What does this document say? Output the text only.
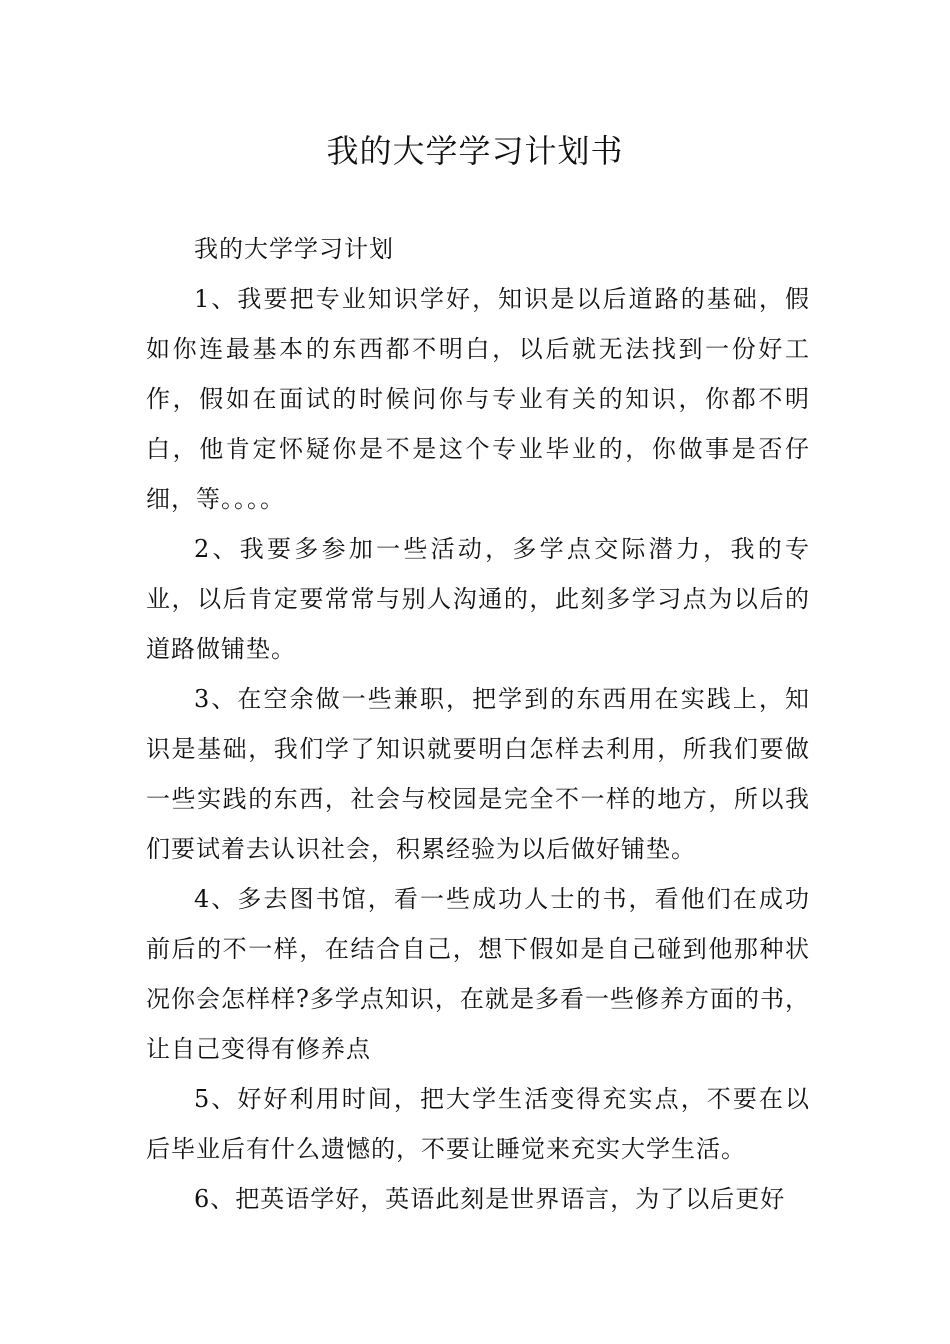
我的大学学习计划书

我的大学学习计划

1、我要把专业知识学好，知识是以后道路的基础，假如你连最基本的东西都不明白，以后就无法找到一份好工作，假如在面试的时候问你与专业有关的知识，你都不明白，他肯定怀疑你是不是这个专业毕业的，你做事是否仔细，等。。。。

2、我要多参加一些活动，多学点交际潜力，我的专业，以后肯定要常常与别人沟通的，此刻多学习点为以后的道路做铺垫。

3、在空余做一些兼职，把学到的东西用在实践上，知识是基础，我们学了知识就要明白怎样去利用，所我们要做一些实践的东西，社会与校园是完全不一样的地方，所以我们要试着去认识社会，积累经验为以后做好铺垫。

4、多去图书馆，看一些成功人士的书，看他们在成功前后的不一样，在结合自己，想下假如是自己碰到他那种状况你会怎样样?多学点知识，在就是多看一些修养方面的书，让自己变得有修养点

5、好好利用时间，把大学生活变得充实点，不要在以后毕业后有什么遗憾的，不要让睡觉来充实大学生活。

6、把英语学好，英语此刻是世界语言，为了以后更好
